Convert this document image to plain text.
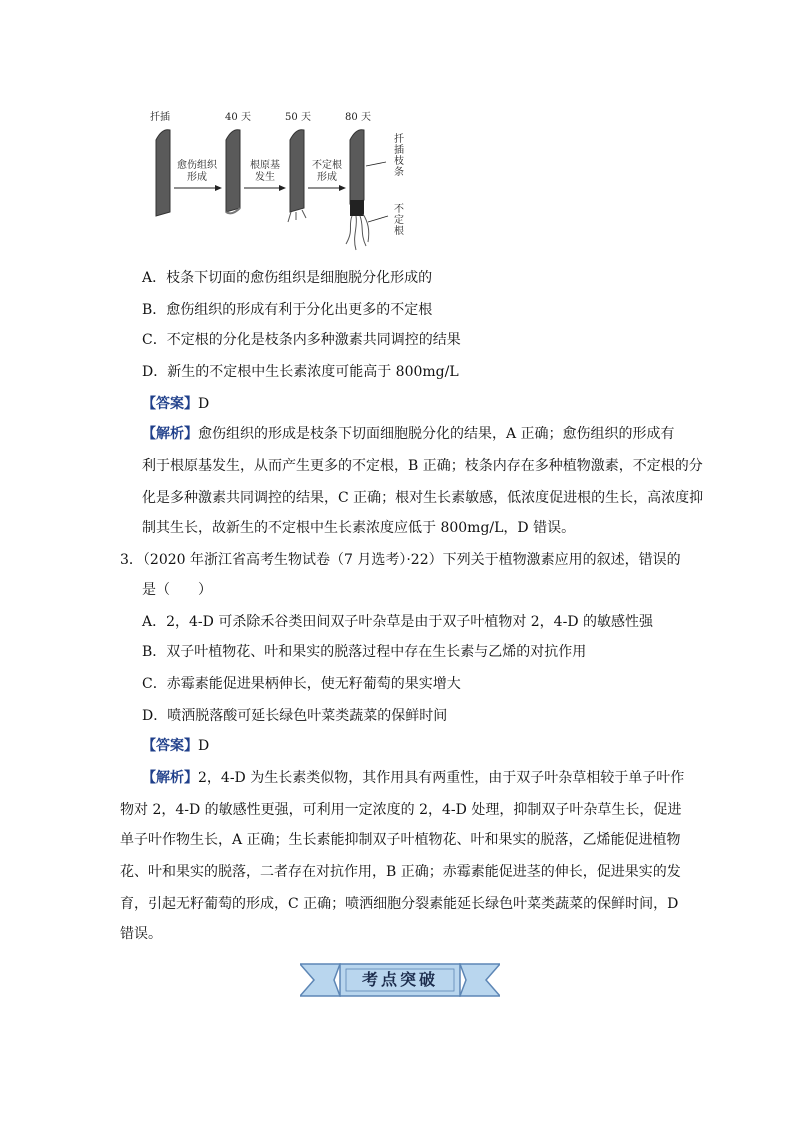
扦插	40 天	50 天	80 天
愈伤组织
形成
根原基
发生
不定根
形成
扦插枝条
不定根
A．枝条下切面的愈伤组织是细胞脱分化形成的
B．愈伤组织的形成有利于分化出更多的不定根
C．不定根的分化是枝条内多种激素共同调控的结果
D．新生的不定根中生长素浓度可能高于 800mg/L
【答案】D
【解析】愈伤组织的形成是枝条下切面细胞脱分化的结果，A 正确；愈伤组织的形成有
利于根原基发生，从而产生更多的不定根，B 正确；枝条内存在多种植物激素，不定根的分
化是多种激素共同调控的结果，C 正确；根对生长素敏感，低浓度促进根的生长，高浓度抑
制其生长，故新生的不定根中生长素浓度应低于 800mg/L，D 错误。
3．（2020 年浙江省高考生物试卷（7 月选考）·22）下列关于植物激素应用的叙述，错误的
是（　　）
A．2，4-D 可杀除禾谷类田间双子叶杂草是由于双子叶植物对 2，4-D 的敏感性强
B．双子叶植物花、叶和果实的脱落过程中存在生长素与乙烯的对抗作用
C．赤霉素能促进果柄伸长，使无籽葡萄的果实增大
D．喷洒脱落酸可延长绿色叶菜类蔬菜的保鲜时间
【答案】D
【解析】2，4-D 为生长素类似物，其作用具有两重性，由于双子叶杂草相较于单子叶作
物对 2，4-D 的敏感性更强，可利用一定浓度的 2，4-D 处理，抑制双子叶杂草生长，促进
单子叶作物生长，A 正确；生长素能抑制双子叶植物花、叶和果实的脱落，乙烯能促进植物
花、叶和果实的脱落，二者存在对抗作用，B 正确；赤霉素能促进茎的伸长，促进果实的发
育，引起无籽葡萄的形成，C 正确；喷洒细胞分裂素能延长绿色叶菜类蔬菜的保鲜时间，D
错误。
考点突破
